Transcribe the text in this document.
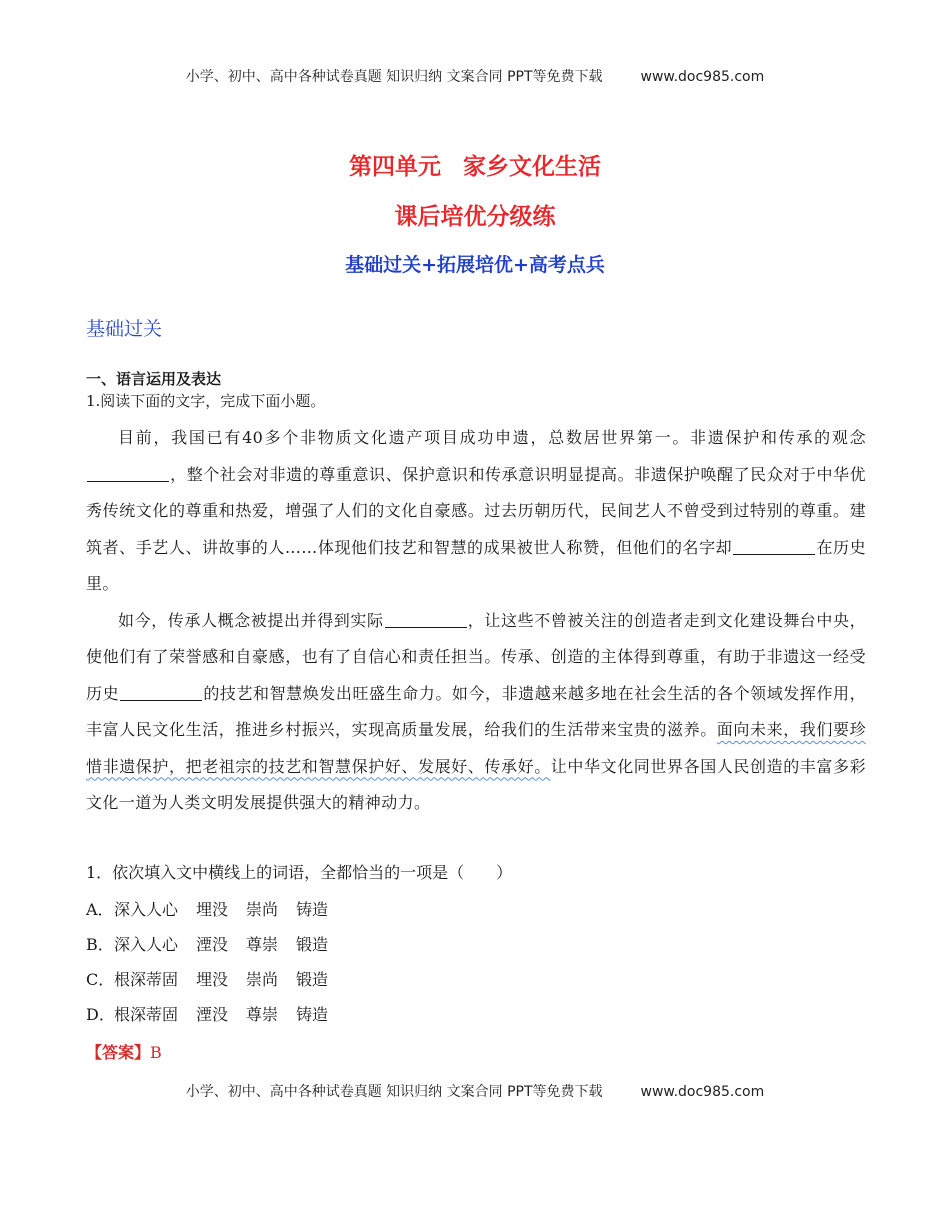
小学、初中、高中各种试卷真题 知识归纳 文案合同 PPT等免费下载	www.doc985.com
第四单元 家乡文化生活
课后培优分级练
基础过关+拓展培优+高考点兵
基础过关
一、语言运用及表达
1.阅读下面的文字，完成下面小题。

目前，我国已有40多个非物质文化遗产项目成功申遗，总数居世界第一。非遗保护和传承的观念，整个社会对非遗的尊重意识、保护意识和传承意识明显提高。非遗保护唤醒了民众对于中华优秀传统文化的尊重和热爱，增强了人们的文化自豪感。过去历朝历代，民间艺人不曾受到过特别的尊重。建筑者、手艺人、讲故事的人……体现他们技艺和智慧的成果被世人称赞，但他们的名字却	在历史里。

如今，传承人概念被提出并得到实际	，让这些不曾被关注的创造者走到文化建设舞台中央，使他们有了荣誉感和自豪感，也有了自信心和责任担当。传承、创造的主体得到尊重，有助于非遗这一经受历史	的技艺和智慧焕发出旺盛生命力。如今，非遗越来越多地在社会生活的各个领域发挥作用，丰富人民文化生活，推进乡村振兴，实现高质量发展，给我们的生活带来宝贵的滋养。面向未来，我们要珍惜非遗保护，把老祖宗的技艺和智慧保护好、发展好、传承好。让中华文化同世界各国人民创造的丰富多彩文化一道为人类文明发展提供强大的精神动力。

1．依次填入文中横线上的词语，全都恰当的一项是（　　）
A．深入人心 埋没 崇尚 铸造
B．深入人心 湮没 尊崇 锻造
C．根深蒂固 埋没 崇尚 锻造
D．根深蒂固 湮没 尊崇 铸造
【答案】B
小学、初中、高中各种试卷真题 知识归纳 文案合同 PPT等免费下载	www.doc985.com
